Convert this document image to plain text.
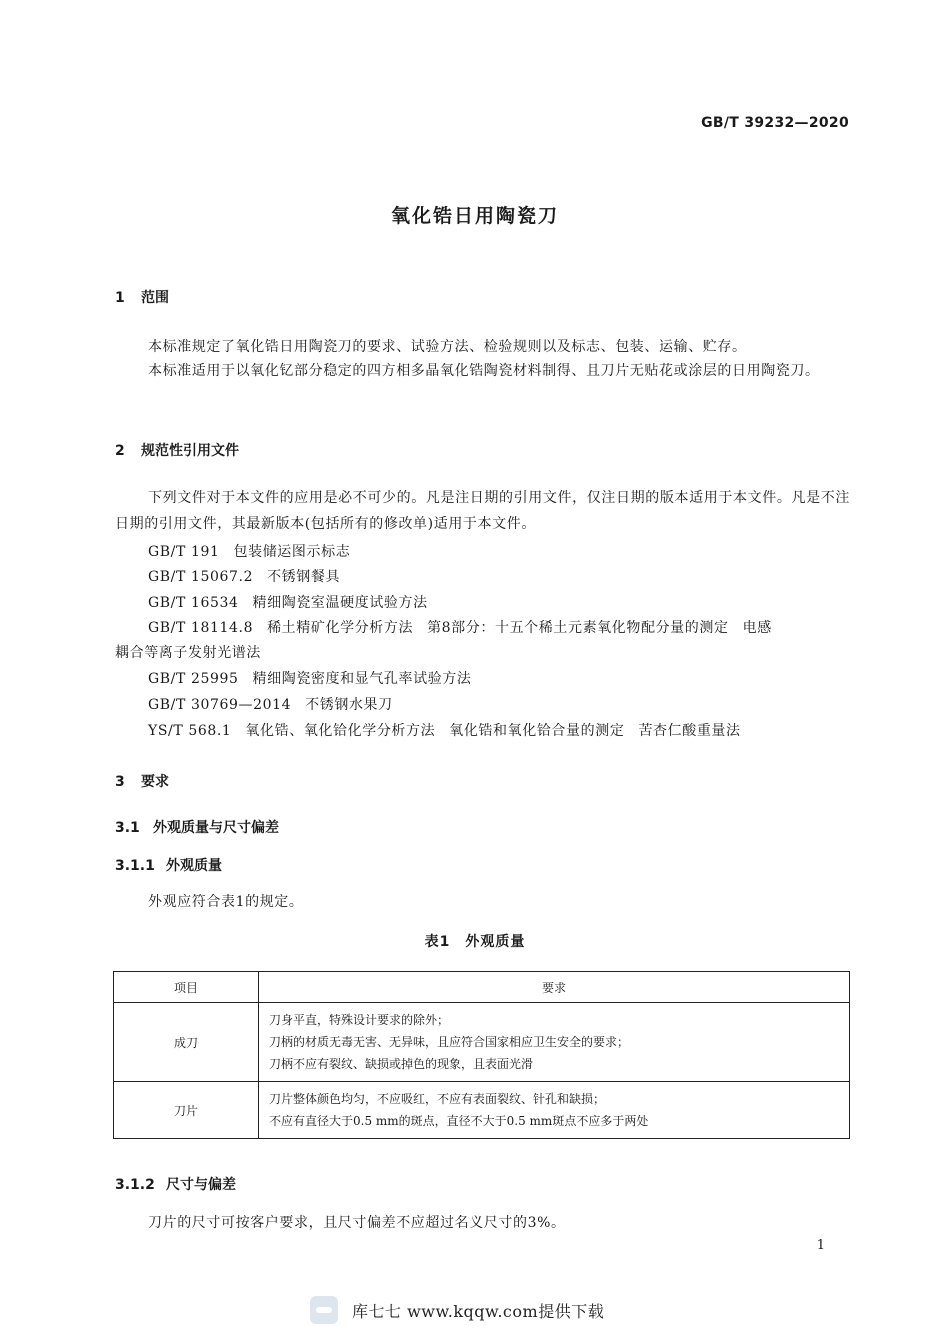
GB/T 39232—2020
氧化锆日用陶瓷刀
1 范围
本标准规定了氧化锆日用陶瓷刀的要求、试验方法、检验规则以及标志、包装、运输、贮存。
本标准适用于以氧化钇部分稳定的四方相多晶氧化锆陶瓷材料制得、且刀片无贴花或涂层的日用陶瓷刀。
2 规范性引用文件
下列文件对于本文件的应用是必不可少的。凡是注日期的引用文件，仅注日期的版本适用于本文件。凡是不注日期的引用文件，其最新版本(包括所有的修改单)适用于本文件。
GB/T 191 包装储运图示标志
GB/T 15067.2 不锈钢餐具
GB/T 16534 精细陶瓷室温硬度试验方法
GB/T 18114.8 稀土精矿化学分析方法 第8部分：十五个稀土元素氧化物配分量的测定 电感
耦合等离子发射光谱法
GB/T 25995 精细陶瓷密度和显气孔率试验方法
GB/T 30769—2014 不锈钢水果刀
YS/T 568.1 氧化锆、氧化铪化学分析方法 氧化锆和氧化铪合量的测定 苦杏仁酸重量法
3 要求
3.1 外观质量与尺寸偏差
3.1.1 外观质量
外观应符合表1的规定。
表1　外观质量
项目	要求
成刀	刀身平直，特殊设计要求的除外；
刀柄的材质无毒无害、无异味，且应符合国家相应卫生安全的要求；
刀柄不应有裂纹、缺损或掉色的现象，且表面光滑

刀片	刀片整体颜色均匀，不应吸红，不应有表面裂纹、针孔和缺损；
不应有直径大于0.5 mm的斑点，直径不大于0.5 mm斑点不应多于两处
3.1.2 尺寸与偏差
刀片的尺寸可按客户要求，且尺寸偏差不应超过名义尺寸的3%。
1
库七七 www.kqqw.com提供下载
